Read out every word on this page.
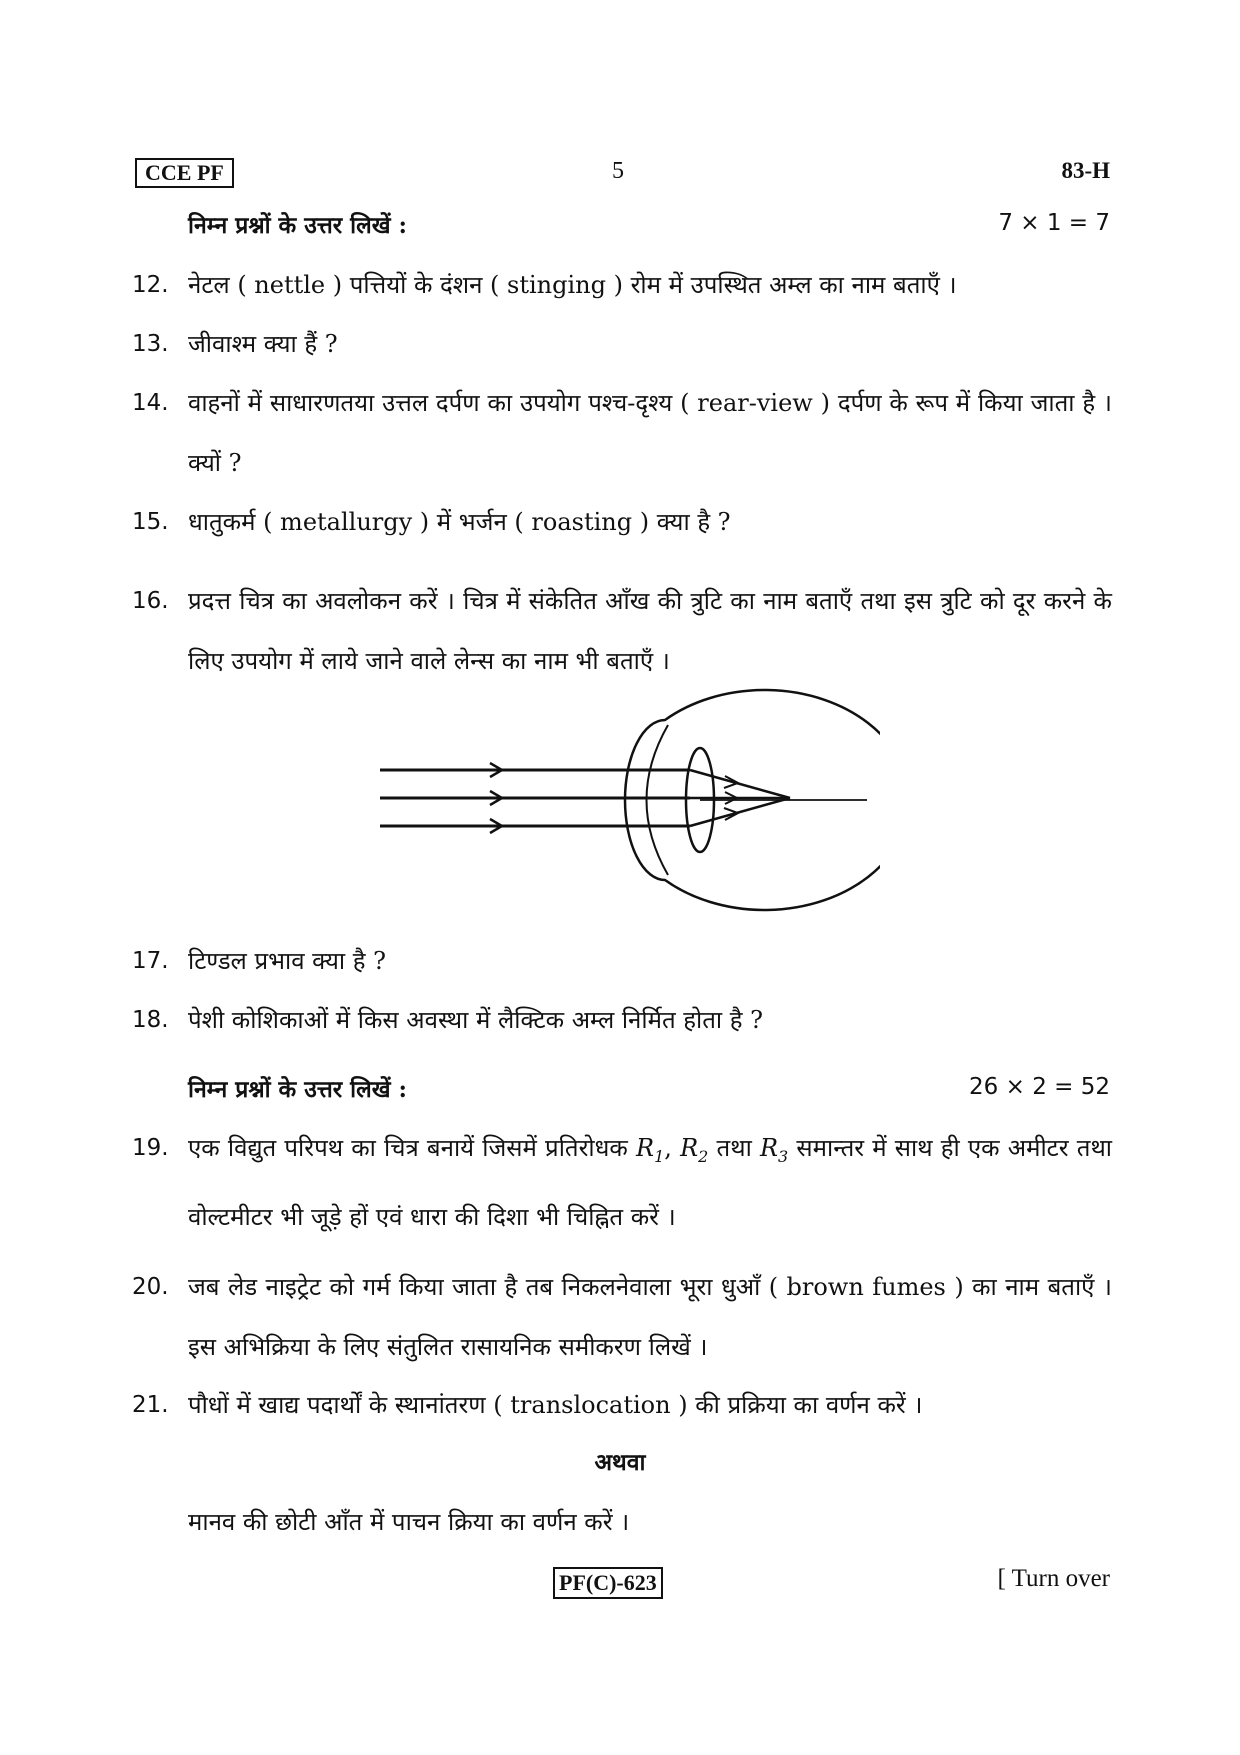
CCE PF	5	83-H
निम्न प्रश्नों के उत्तर लिखें :	7 × 1 = 7
12. नेटल ( nettle ) पत्तियों के दंशन ( stinging ) रोम में उपस्थित अम्ल का नाम बताएँ ।
13. जीवाश्म क्या हैं ?
14. वाहनों में साधारणतया उत्तल दर्पण का उपयोग पश्च-दृश्य ( rear-view ) दर्पण के रूप में किया जाता है । क्यों ?
15. धातुकर्म ( metallurgy ) में भर्जन ( roasting ) क्या है ?
16. प्रदत्त चित्र का अवलोकन करें । चित्र में संकेतित आँख की त्रुटि का नाम बताएँ तथा इस त्रुटि को दूर करने के लिए उपयोग में लाये जाने वाले लेन्स का नाम भी बताएँ ।
17. टिण्डल प्रभाव क्या है ?
18. पेशी कोशिकाओं में किस अवस्था में लैक्टिक अम्ल निर्मित होता है ?
निम्न प्रश्नों के उत्तर लिखें :	26 × 2 = 52
19. एक विद्युत परिपथ का चित्र बनायें जिसमें प्रतिरोधक $R_1$, $R_2$ तथा $R_3$ समान्तर में साथ ही एक अमीटर तथा वोल्टमीटर भी जूड़े हों एवं धारा की दिशा भी चिह्नित करें ।
20. जब लेड नाइट्रेट को गर्म किया जाता है तब निकलनेवाला भूरा धुआँ ( brown fumes ) का नाम बताएँ । इस अभिक्रिया के लिए संतुलित रासायनिक समीकरण लिखें ।
21. पौधों में खाद्य पदार्थों के स्थानांतरण ( translocation ) की प्रक्रिया का वर्णन करें ।
अथवा
मानव की छोटी आँत में पाचन क्रिया का वर्णन करें ।
PF(C)-623	[ Turn over
